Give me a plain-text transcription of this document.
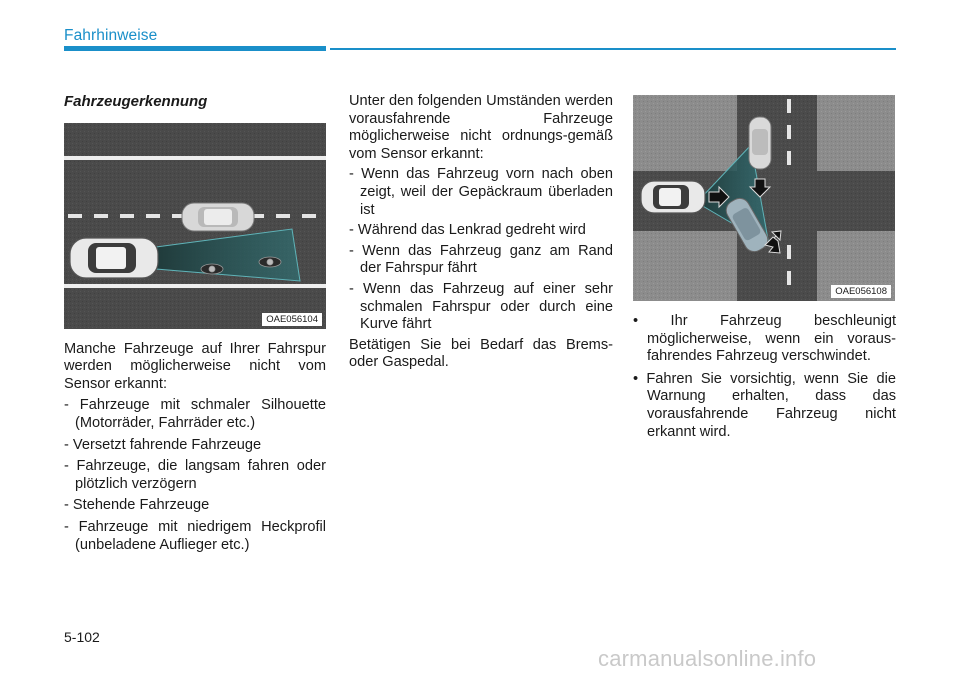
Fahrhinweise
Fahrzeugerkennung
OAE056104

Manche Fahrzeuge auf Ihrer Fahrspur werden möglicherweise nicht vom Sensor erkannt:

- Fahrzeuge mit schmaler Silhouette (Motorräder, Fahrräder etc.)

- Versetzt fahrende Fahrzeuge

- Fahrzeuge, die langsam fahren oder plötzlich verzögern

- Stehende Fahrzeuge

- Fahrzeuge mit niedrigem Heckprofil (unbeladene Auflieger etc.)

Unter den folgenden Umständen werden vorausfahrende Fahrzeuge möglicherweise nicht ordnungs-gemäß vom Sensor erkannt:

- Wenn das Fahrzeug vorn nach oben zeigt, weil der Gepäckraum überladen ist

- Während das Lenkrad gedreht wird

- Wenn das Fahrzeug ganz am Rand der Fahrspur fährt

- Wenn das Fahrzeug auf einer sehr schmalen Fahrspur oder durch eine Kurve fährt

Betätigen Sie bei Bedarf das Brems- oder Gaspedal.

OAE056108

• Ihr Fahrzeug beschleunigt möglicherweise, wenn ein voraus-fahrendes Fahrzeug verschwindet.

• Fahren Sie vorsichtig, wenn Sie die Warnung erhalten, dass das vorausfahrende Fahrzeug nicht erkannt wird.

5-102
carmanualsonline.info
